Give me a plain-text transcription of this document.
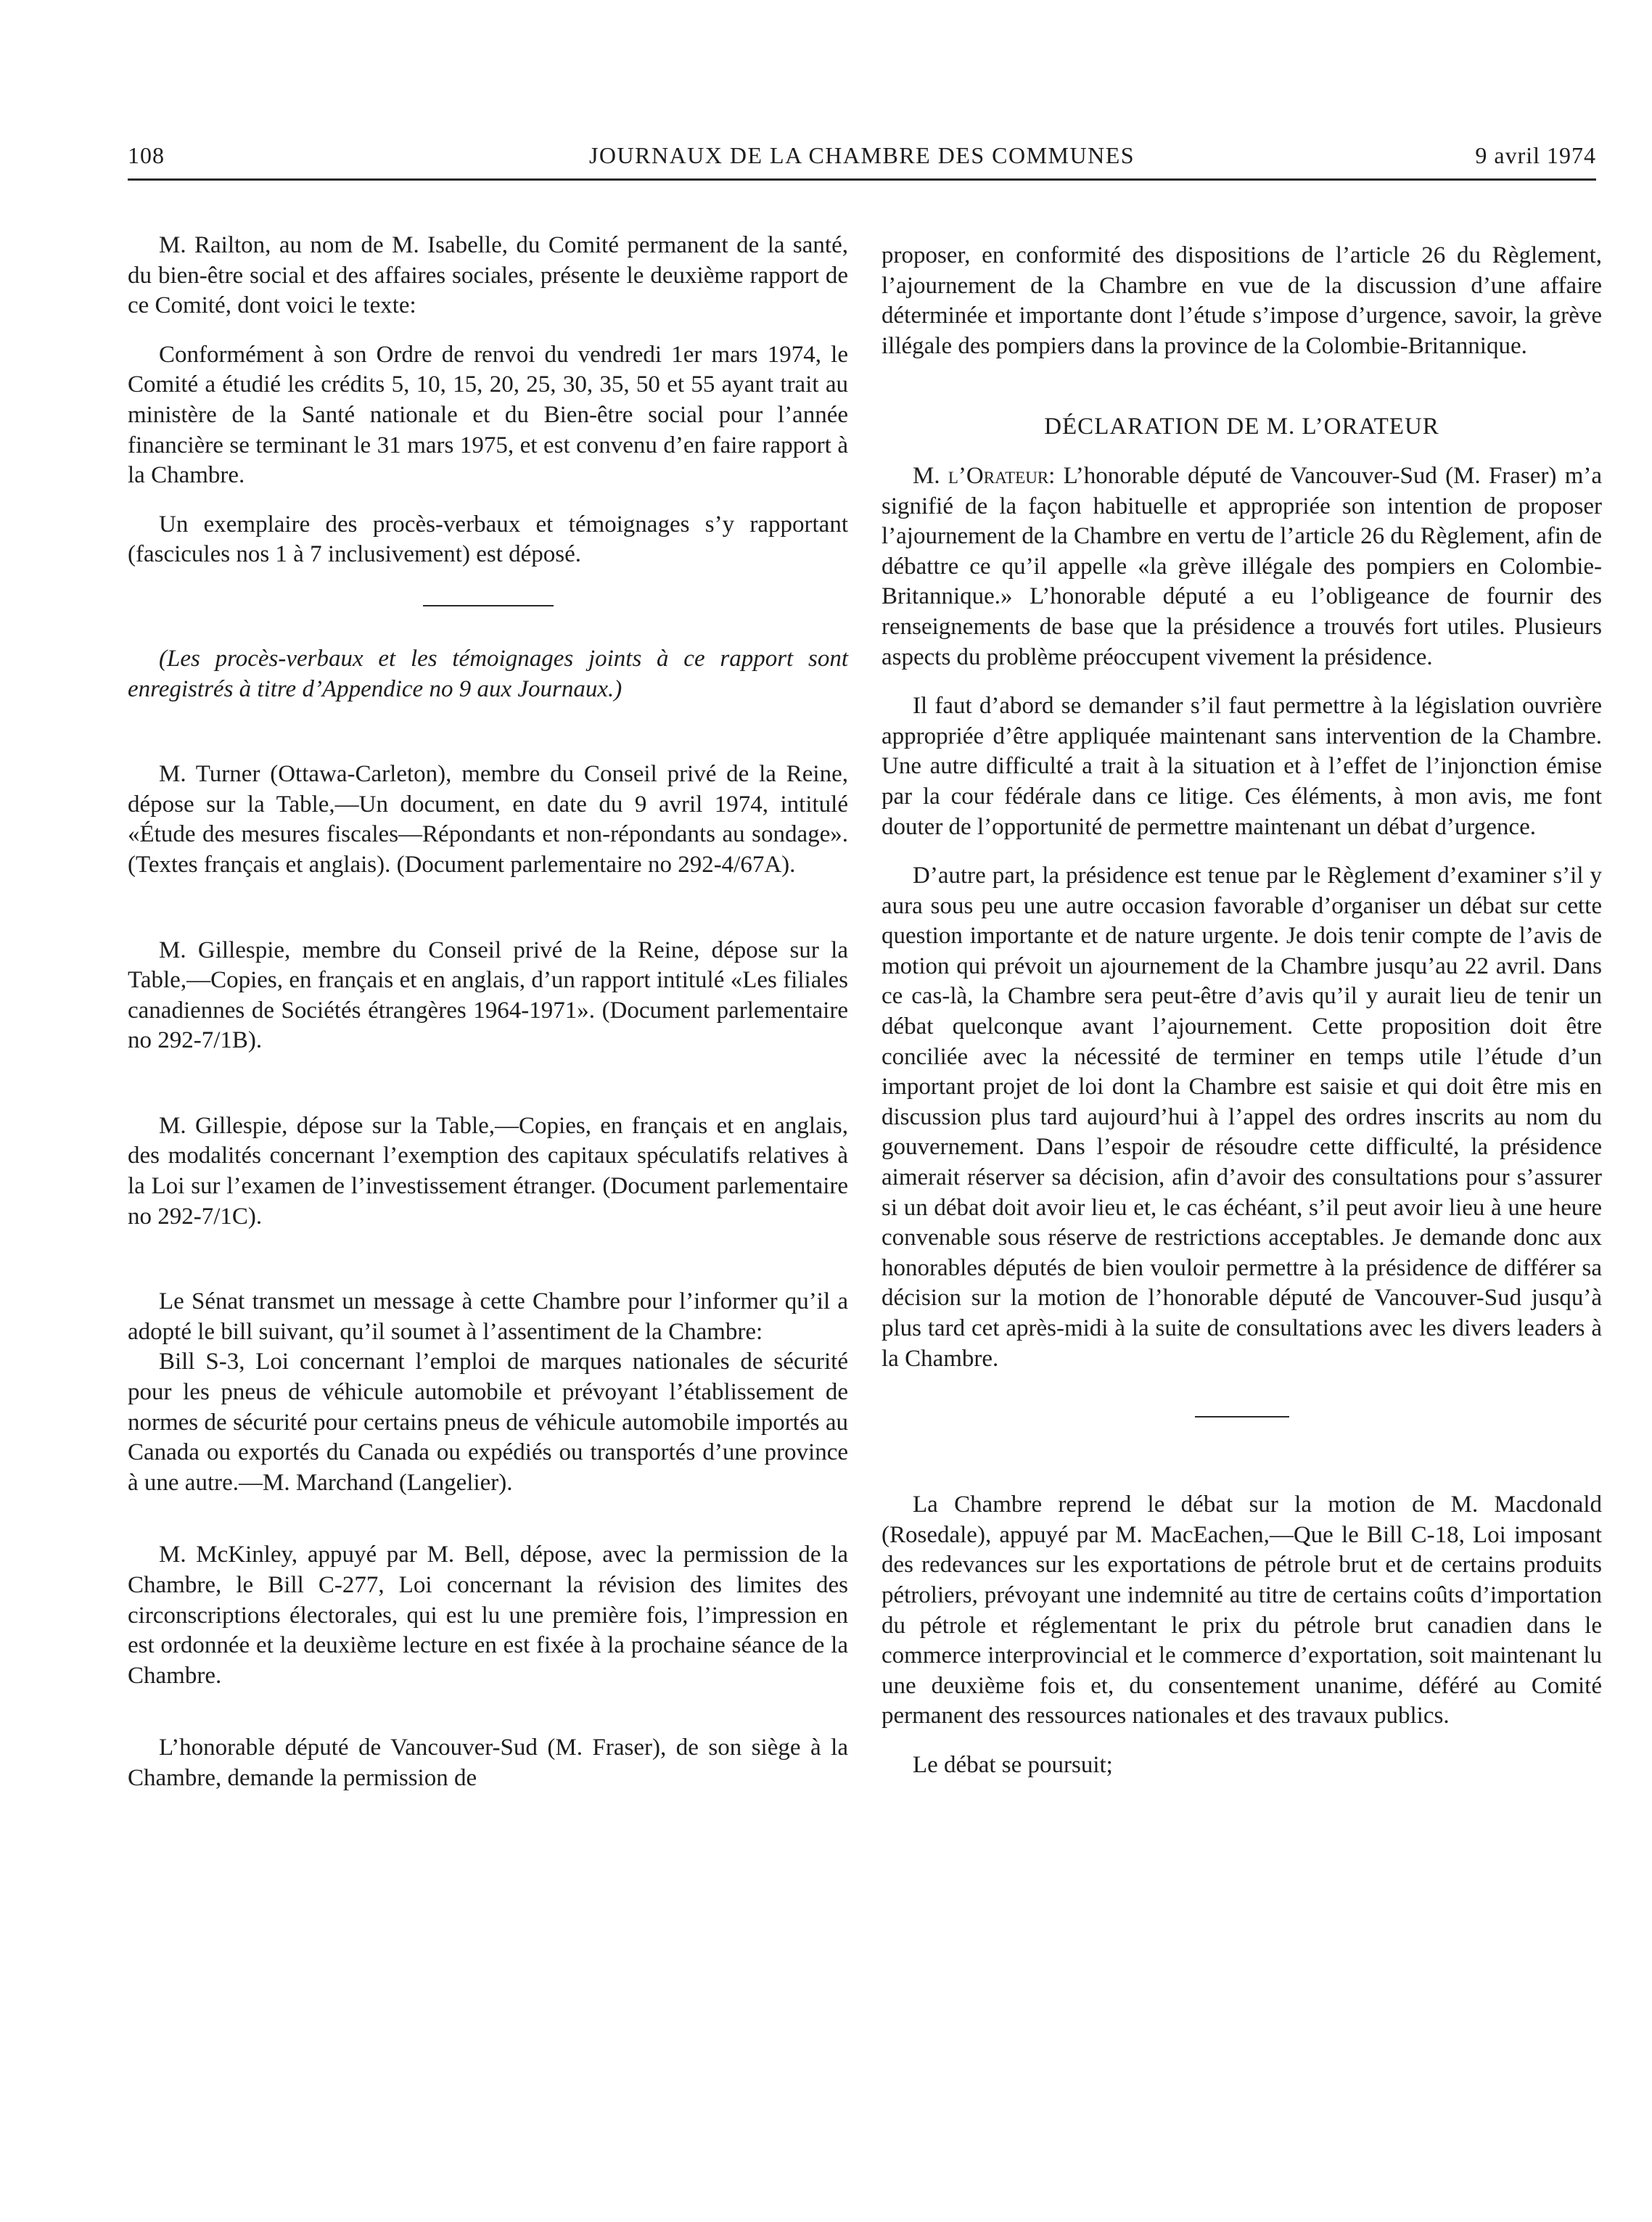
108	JOURNAUX DE LA CHAMBRE DES COMMUNES	9 avril 1974

M. Railton, au nom de M. Isabelle, du Comité permanent de la santé, du bien-être social et des affaires sociales, présente le deuxième rapport de ce Comité, dont voici le texte:

Conformément à son Ordre de renvoi du vendredi 1er mars 1974, le Comité a étudié les crédits 5, 10, 15, 20, 25, 30, 35, 50 et 55 ayant trait au ministère de la Santé nationale et du Bien-être social pour l’année financière se terminant le 31 mars 1975, et est convenu d’en faire rapport à la Chambre.

Un exemplaire des procès-verbaux et témoignages s’y rapportant (fascicules nos 1 à 7 inclusivement) est déposé.

(Les procès-verbaux et les témoignages joints à ce rapport sont enregistrés à titre d’Appendice no 9 aux Journaux.)

M. Turner (Ottawa-Carleton), membre du Conseil privé de la Reine, dépose sur la Table,—Un document, en date du 9 avril 1974, intitulé «Étude des mesures fiscales—Répondants et non-répondants au sondage». (Textes français et anglais). (Document parlementaire no 292-4/67A).

M. Gillespie, membre du Conseil privé de la Reine, dépose sur la Table,—Copies, en français et en anglais, d’un rapport intitulé «Les filiales canadiennes de Sociétés étrangères 1964-1971». (Document parlementaire no 292-7/1B).

M. Gillespie, dépose sur la Table,—Copies, en français et en anglais, des modalités concernant l’exemption des capitaux spéculatifs relatives à la Loi sur l’examen de l’investissement étranger. (Document parlementaire no 292-7/1C).

Le Sénat transmet un message à cette Chambre pour l’informer qu’il a adopté le bill suivant, qu’il soumet à l’assentiment de la Chambre:

Bill S-3, Loi concernant l’emploi de marques nationales de sécurité pour les pneus de véhicule automobile et prévoyant l’établissement de normes de sécurité pour certains pneus de véhicule automobile importés au Canada ou exportés du Canada ou expédiés ou transportés d’une province à une autre.—M. Marchand (Langelier).

M. McKinley, appuyé par M. Bell, dépose, avec la permission de la Chambre, le Bill C-277, Loi concernant la révision des limites des circonscriptions électorales, qui est lu une première fois, l’impression en est ordonnée et la deuxième lecture en est fixée à la prochaine séance de la Chambre.

L’honorable député de Vancouver-Sud (M. Fraser), de son siège à la Chambre, demande la permission de

proposer, en conformité des dispositions de l’article 26 du Règlement, l’ajournement de la Chambre en vue de la discussion d’une affaire déterminée et importante dont l’étude s’impose d’urgence, savoir, la grève illégale des pompiers dans la province de la Colombie-Britannique.

DÉCLARATION DE M. L’ORATEUR

M. l’Orateur: L’honorable député de Vancouver-Sud (M. Fraser) m’a signifié de la façon habituelle et appropriée son intention de proposer l’ajournement de la Chambre en vertu de l’article 26 du Règlement, afin de débattre ce qu’il appelle «la grève illégale des pompiers en Colombie-Britannique.» L’honorable député a eu l’obligeance de fournir des renseignements de base que la présidence a trouvés fort utiles. Plusieurs aspects du problème préoccupent vivement la présidence.

Il faut d’abord se demander s’il faut permettre à la législation ouvrière appropriée d’être appliquée maintenant sans intervention de la Chambre. Une autre difficulté a trait à la situation et à l’effet de l’injonction émise par la cour fédérale dans ce litige. Ces éléments, à mon avis, me font douter de l’opportunité de permettre maintenant un débat d’urgence.

D’autre part, la présidence est tenue par le Règlement d’examiner s’il y aura sous peu une autre occasion favorable d’organiser un débat sur cette question importante et de nature urgente. Je dois tenir compte de l’avis de motion qui prévoit un ajournement de la Chambre jusqu’au 22 avril. Dans ce cas-là, la Chambre sera peut-être d’avis qu’il y aurait lieu de tenir un débat quelconque avant l’ajournement. Cette proposition doit être conciliée avec la nécessité de terminer en temps utile l’étude d’un important projet de loi dont la Chambre est saisie et qui doit être mis en discussion plus tard aujourd’hui à l’appel des ordres inscrits au nom du gouvernement. Dans l’espoir de résoudre cette difficulté, la présidence aimerait réserver sa décision, afin d’avoir des consultations pour s’assurer si un débat doit avoir lieu et, le cas échéant, s’il peut avoir lieu à une heure convenable sous réserve de restrictions acceptables. Je demande donc aux honorables députés de bien vouloir permettre à la présidence de différer sa décision sur la motion de l’honorable député de Vancouver-Sud jusqu’à plus tard cet après-midi à la suite de consultations avec les divers leaders à la Chambre.

La Chambre reprend le débat sur la motion de M. Macdonald (Rosedale), appuyé par M. MacEachen,—Que le Bill C-18, Loi imposant des redevances sur les exportations de pétrole brut et de certains produits pétroliers, prévoyant une indemnité au titre de certains coûts d’importation du pétrole et réglementant le prix du pétrole brut canadien dans le commerce interprovincial et le commerce d’exportation, soit maintenant lu une deuxième fois et, du consentement unanime, déféré au Comité permanent des ressources nationales et des travaux publics.

Le débat se poursuit;
